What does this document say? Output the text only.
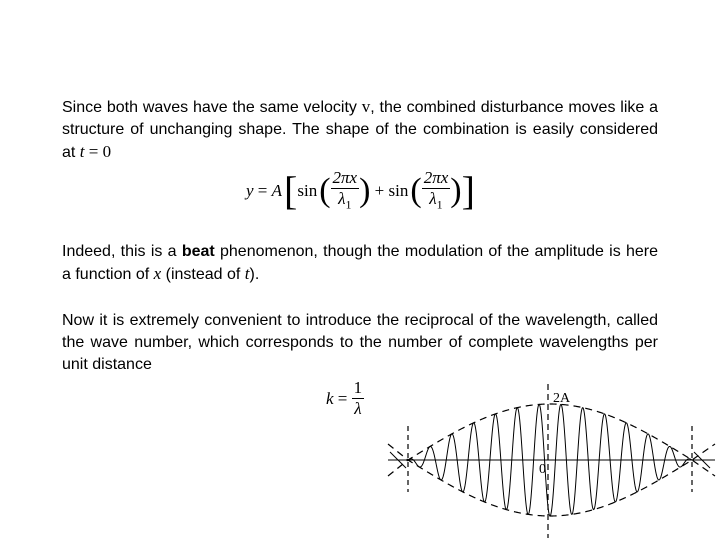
Since both waves have the same velocity v, the combined disturbance moves like a structure of unchanging shape. The shape of the combination is easily considered at t = 0

y = A [ sin ( $\frac{2\pi x}{\lambda_1}$ ) + sin ( $\frac{2\pi x}{\lambda_1}$ ) ]

Indeed, this is a beat phenomenon, though the modulation of the amplitude is here a function of x (instead of t).

Now it is extremely convenient to introduce the reciprocal of the wavelength, called the wave number, which corresponds to the number of complete wavelengths per unit distance

$k = \frac{1}{\lambda}$	2A
0
